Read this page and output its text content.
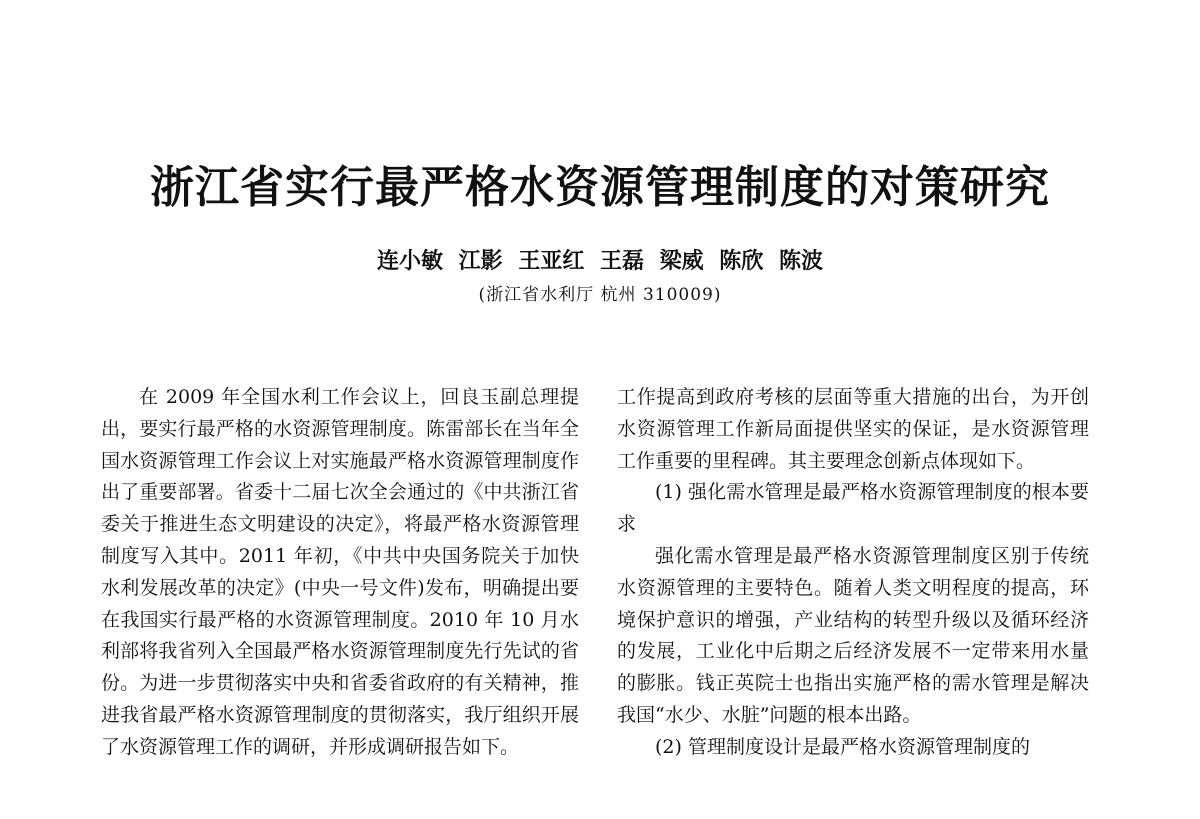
浙江省实行最严格水资源管理制度的对策研究
连小敏 江影 王亚红 王磊 梁威 陈欣 陈波
(浙江省水利厅 杭州 310009)

在 2009 年全国水利工作会议上，回良玉副总理提出，要实行最严格的水资源管理制度。陈雷部长在当年全国水资源管理工作会议上对实施最严格水资源管理制度作出了重要部署。省委十二届七次全会通过的《中共浙江省委关于推进生态文明建设的决定》，将最严格水资源管理制度写入其中。2011 年初，《中共中央国务院关于加快水利发展改革的决定》(中央一号文件)发布，明确提出要在我国实行最严格的水资源管理制度。2010 年 10 月水利部将我省列入全国最严格水资源管理制度先行先试的省份。为进一步贯彻落实中央和省委省政府的有关精神，推进我省最严格水资源管理制度的贯彻落实，我厅组织开展了水资源管理工作的调研，并形成调研报告如下。

工作提高到政府考核的层面等重大措施的出台，为开创水资源管理工作新局面提供坚实的保证，是水资源管理工作重要的里程碑。其主要理念创新点体现如下。

(1) 强化需水管理是最严格水资源管理制度的根本要求

强化需水管理是最严格水资源管理制度区别于传统水资源管理的主要特色。随着人类文明程度的提高，环境保护意识的增强，产业结构的转型升级以及循环经济的发展，工业化中后期之后经济发展不一定带来用水量的膨胀。钱正英院士也指出实施严格的需水管理是解决我国“水少、水脏”问题的根本出路。

(2) 管理制度设计是最严格水资源管理制度的
